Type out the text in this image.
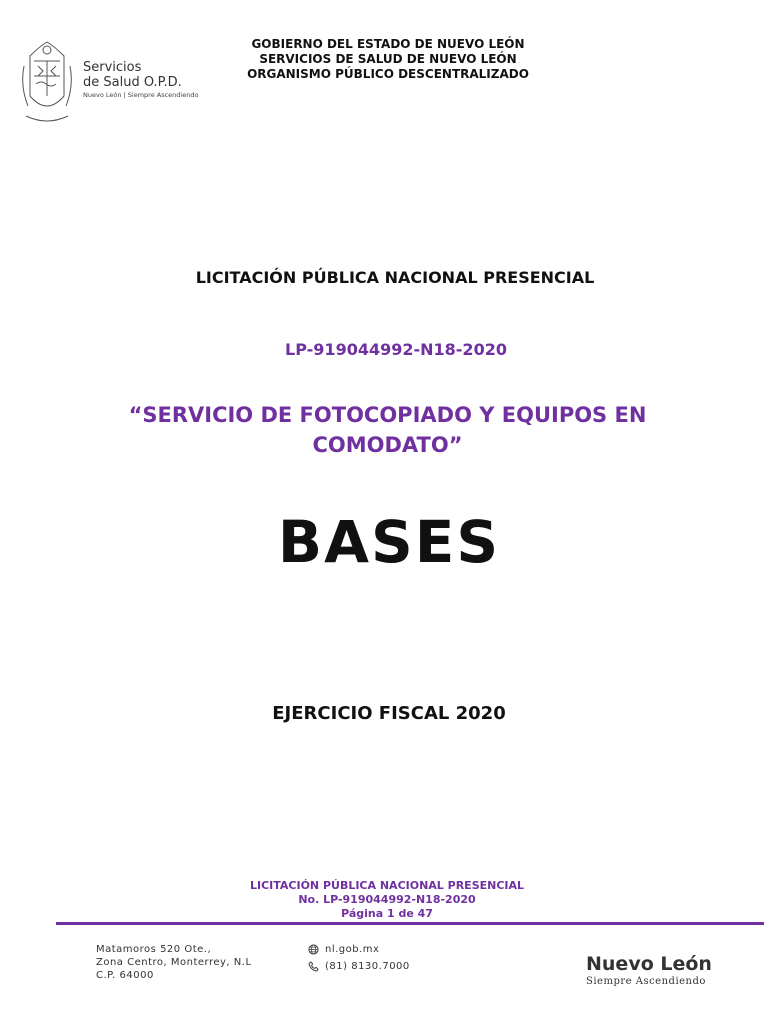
Servicios
de Salud O.P.D.
Nuevo León | Siempre Ascendiendo
GOBIERNO DEL ESTADO DE NUEVO LEÓN
SERVICIOS DE SALUD DE NUEVO LEÓN
ORGANISMO PÚBLICO DESCENTRALIZADO
LICITACIÓN PÚBLICA NACIONAL PRESENCIAL
LP-919044992-N18-2020
“SERVICIO DE FOTOCOPIADO Y EQUIPOS EN
COMODATO”
BASES
EJERCICIO FISCAL 2020
LICITACIÓN PÚBLICA NACIONAL PRESENCIAL
No. LP-919044992-N18-2020
Página 1 de 47
Matamoros 520 Ote.,
Zona Centro, Monterrey, N.L
C.P. 64000
nl.gob.mx
(81) 8130.7000	Nuevo León
Siempre Ascendiendo
